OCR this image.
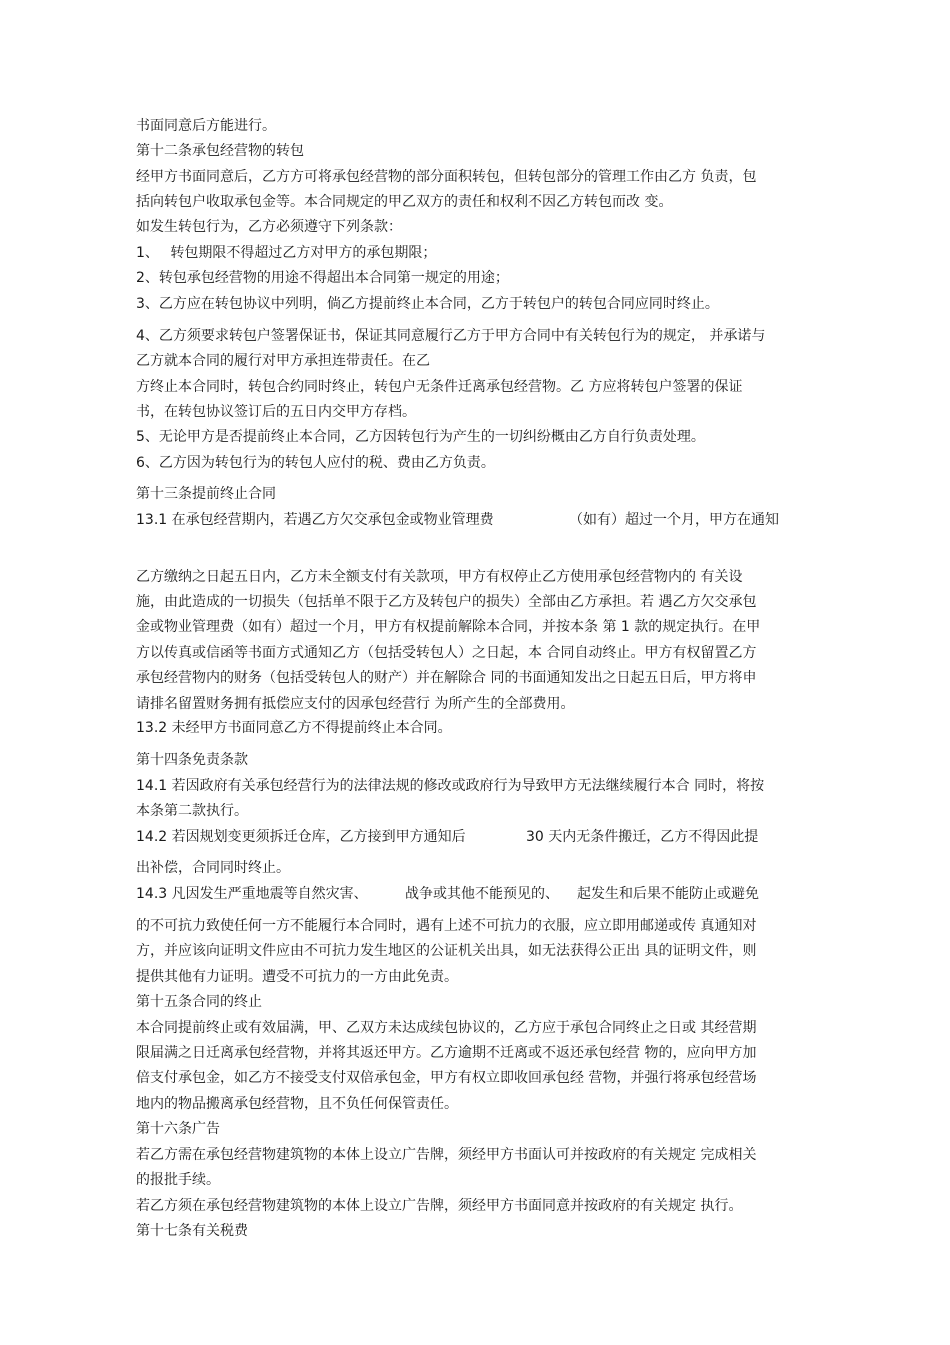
书面同意后方能进行。
第十二条承包经营物的转包
经甲方书面同意后，乙方方可将承包经营物的部分面积转包，但转包部分的管理工作由乙方 负责，包
括向转包户收取承包金等。本合同规定的甲乙双方的责任和权利不因乙方转包而改 变。
如发生转包行为，乙方必须遵守下列条款：
1、　 转包期限不得超过乙方对甲方的承包期限；
2、转包承包经营物的用途不得超出本合同第一规定的用途；
3、乙方应在转包协议中列明，倘乙方提前终止本合同，乙方于转包户的转包合同应同时终止。
4、乙方须要求转包户签署保证书，保证其同意履行乙方于甲方合同中有关转包行为的规定， 并承诺与
乙方就本合同的履行对甲方承担连带责任。在乙
方终止本合同时，转包合约同时终止，转包户无条件迁离承包经营物。乙 方应将转包户签署的保证
书，在转包协议签订后的五日内交甲方存档。
5、无论甲方是否提前终止本合同，乙方因转包行为产生的一切纠纷概由乙方自行负责处理。
6、乙方因为转包行为的转包人应付的税、费由乙方负责。
第十三条提前终止合同
13.1 在承包经营期内，若遇乙方欠交承包金或物业管理费	（如有）超过一个月，甲方在通知
乙方缴纳之日起五日内，乙方未全额支付有关款项，甲方有权停止乙方使用承包经营物内的 有关设
施，由此造成的一切损失（包括单不限于乙方及转包户的损失）全部由乙方承担。若 遇乙方欠交承包
金或物业管理费（如有）超过一个月，甲方有权提前解除本合同，并按本条 第 1 款的规定执行。在甲
方以传真或信函等书面方式通知乙方（包括受转包人）之日起，本 合同自动终止。甲方有权留置乙方
承包经营物内的财务（包括受转包人的财产）并在解除合 同的书面通知发出之日起五日后，甲方将申
请排名留置财务拥有抵偿应支付的因承包经营行 为所产生的全部费用。
13.2 未经甲方书面同意乙方不得提前终止本合同。
第十四条免责条款
14.1 若因政府有关承包经营行为的法律法规的修改或政府行为导致甲方无法继续履行本合 同时，将按
本条第二款执行。
14.2 若因规划变更须拆迁仓库，乙方接到甲方通知后	30 天内无条件搬迁，乙方不得因此提
出补偿，合同同时终止。
14.3 凡因发生严重地震等自然灾害、	战争或其他不能预见的、 起发生和后果不能防止或避免
的不可抗力致使任何一方不能履行本合同时，遇有上述不可抗力的衣服，应立即用邮递或传 真通知对
方，并应该向证明文件应由不可抗力发生地区的公证机关出具，如无法获得公正出 具的证明文件，则
提供其他有力证明。遭受不可抗力的一方由此免责。
第十五条合同的终止
本合同提前终止或有效届满，甲、乙双方未达成续包协议的，乙方应于承包合同终止之日或 其经营期
限届满之日迁离承包经营物，并将其返还甲方。乙方逾期不迁离或不返还承包经营 物的，应向甲方加
倍支付承包金，如乙方不接受支付双倍承包金，甲方有权立即收回承包经 营物，并强行将承包经营场
地内的物品搬离承包经营物，且不负任何保管责任。
第十六条广告
若乙方需在承包经营物建筑物的本体上设立广告牌，须经甲方书面认可并按政府的有关规定 完成相关
的报批手续。
若乙方须在承包经营物建筑物的本体上设立广告牌，须经甲方书面同意并按政府的有关规定 执行。
第十七条有关税费
